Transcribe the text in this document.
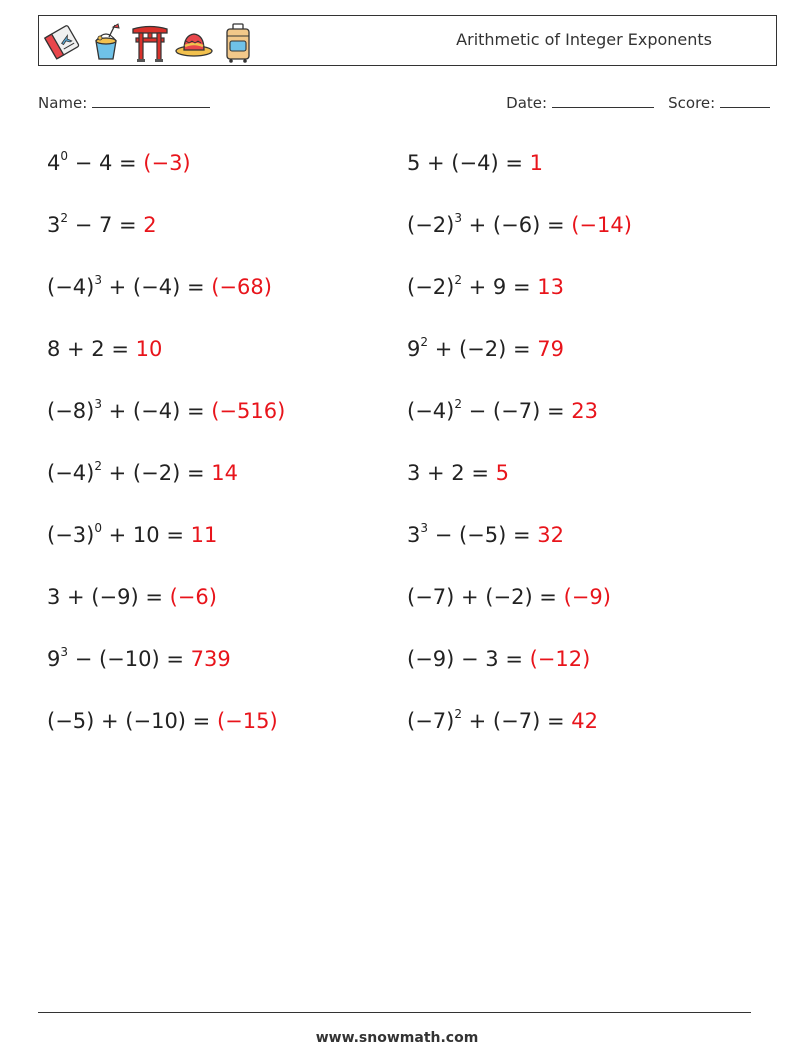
Arithmetic of Integer Exponents
Name:	Date:	Score:
$4^0 - 4 = (-3)$	5 + (−4) = 1
$3^2 - 7 = 2$	$(-2)^3 + (-6) = (-14)$
$(-4)^3 + (-4) = (-68)$	$(-2)^2 + 9 = 13$
8 + 2 = 10	$9^2 + (-2) = 79$
$(-8)^3 + (-4) = (-516)$	$(-4)^2 - (-7) = 23$
$(-4)^2 + (-2) = 14$	3 + 2 = 5
$(-3)^0 + 10 = 11$	$3^3 - (-5) = 32$
3 + (−9) = (−6)	(−7) + (−2) = (−9)
$9^3 - (-10) = 739$	(−9) − 3 = (−12)
(−5) + (−10) = (−15)	$(-7)^2 + (-7) = 42$
www.snowmath.com
